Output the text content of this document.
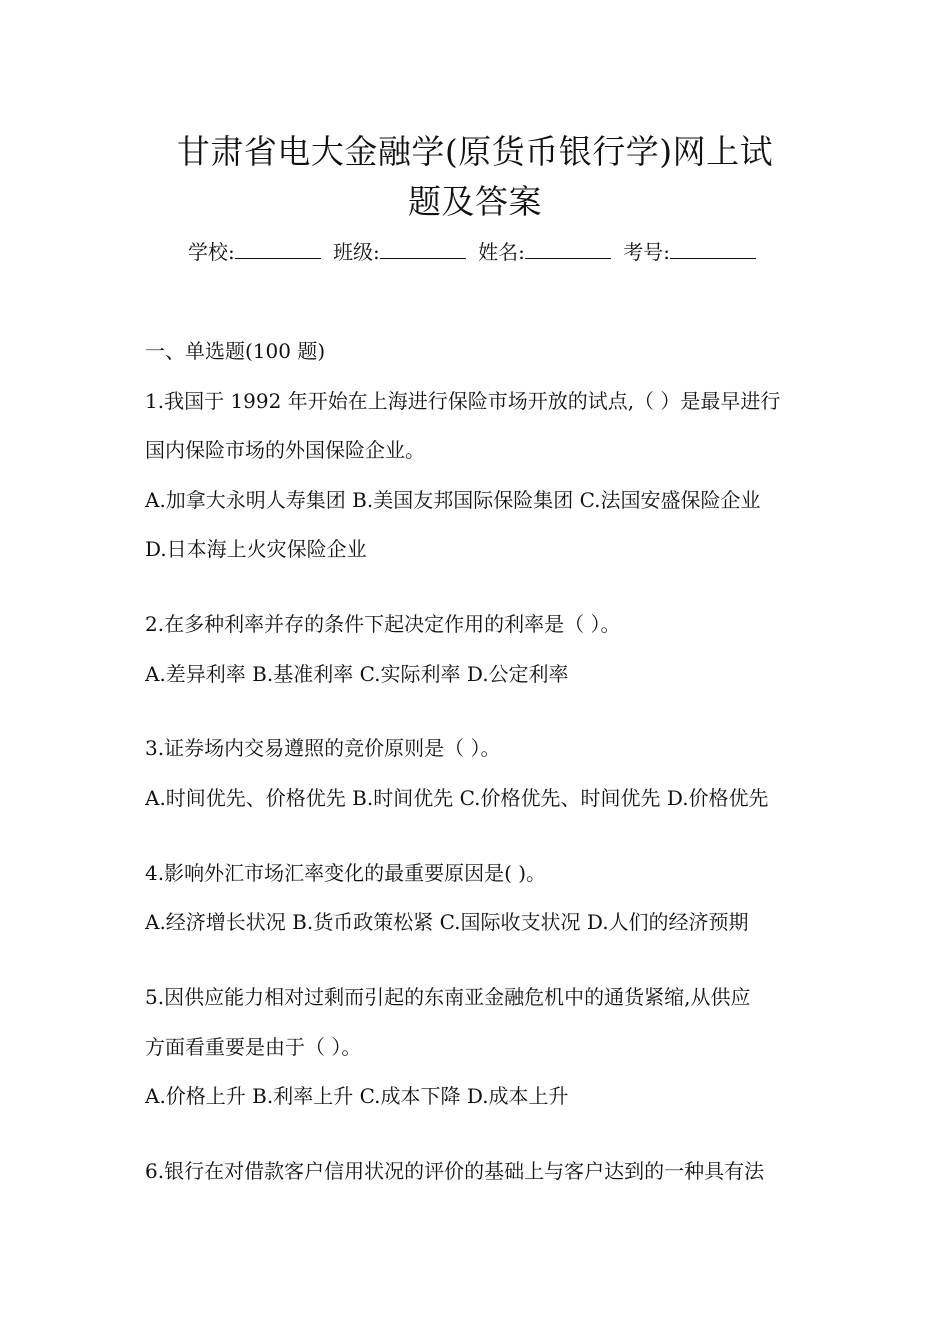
甘肃省电大金融学(原货币银行学)网上试
题及答案
学校:	班级:	姓名:	考号:
一、单选题(100 题)
1.我国于 1992 年开始在上海进行保险市场开放的试点,（ ）是最早进行
国内保险市场的外国保险企业。
A.加拿大永明人寿集团 B.美国友邦国际保险集团 C.法国安盛保险企业
D.日本海上火灾保险企业
2.在多种利率并存的条件下起决定作用的利率是（ ）。
A.差异利率 B.基准利率 C.实际利率 D.公定利率
3.证券场内交易遵照的竞价原则是（ ）。
A.时间优先、价格优先 B.时间优先 C.价格优先、时间优先 D.价格优先
4.影响外汇市场汇率变化的最重要原因是( )。
A.经济增长状况 B.货币政策松紧 C.国际收支状况 D.人们的经济预期
5.因供应能力相对过剩而引起的东南亚金融危机中的通货紧缩,从供应
方面看重要是由于（ ）。
A.价格上升 B.利率上升 C.成本下降 D.成本上升
6.银行在对借款客户信用状况的评价的基础上与客户达到的一种具有法
